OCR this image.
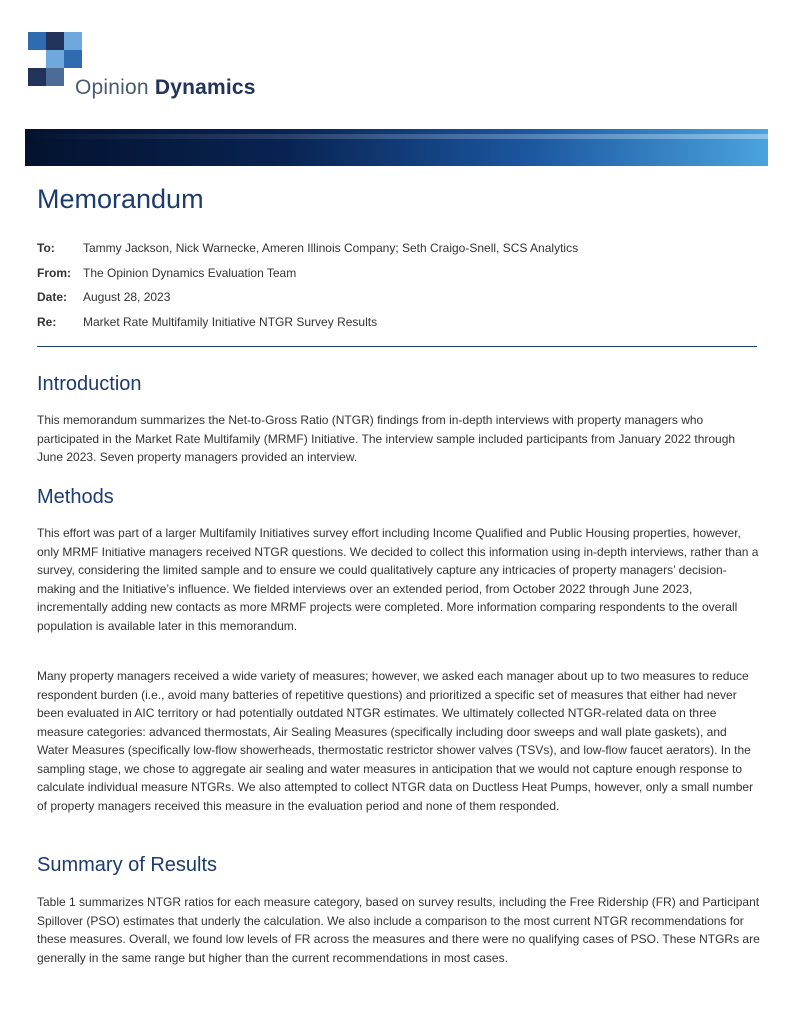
Opinion Dynamics
Memorandum
To:	Tammy Jackson, Nick Warnecke, Ameren Illinois Company; Seth Craigo-Snell, SCS Analytics
From:	The Opinion Dynamics Evaluation Team
Date:	August 28, 2023
Re:	Market Rate Multifamily Initiative NTGR Survey Results
Introduction

This memorandum summarizes the Net-to-Gross Ratio (NTGR) findings from in-depth interviews with property managers who participated in the Market Rate Multifamily (MRMF) Initiative. The interview sample included participants from January 2022 through June 2023. Seven property managers provided an interview.

Methods

This effort was part of a larger Multifamily Initiatives survey effort including Income Qualified and Public Housing properties, however, only MRMF Initiative managers received NTGR questions. We decided to collect this information using in-depth interviews, rather than a survey, considering the limited sample and to ensure we could qualitatively capture any intricacies of property managers’ decision-making and the Initiative’s influence. We fielded interviews over an extended period, from October 2022 through June 2023, incrementally adding new contacts as more MRMF projects were completed. More information comparing respondents to the overall population is available later in this memorandum.

Many property managers received a wide variety of measures; however, we asked each manager about up to two measures to reduce respondent burden (i.e., avoid many batteries of repetitive questions) and prioritized a specific set of measures that either had never been evaluated in AIC territory or had potentially outdated NTGR estimates. We ultimately collected NTGR-related data on three measure categories: advanced thermostats, Air Sealing Measures (specifically including door sweeps and wall plate gaskets), and Water Measures (specifically low-flow showerheads, thermostatic restrictor shower valves (TSVs), and low-flow faucet aerators). In the sampling stage, we chose to aggregate air sealing and water measures in anticipation that we would not capture enough response to calculate individual measure NTGRs. We also attempted to collect NTGR data on Ductless Heat Pumps, however, only a small number of property managers received this measure in the evaluation period and none of them responded.

Summary of Results

Table 1 summarizes NTGR ratios for each measure category, based on survey results, including the Free Ridership (FR) and Participant Spillover (PSO) estimates that underly the calculation. We also include a comparison to the most current NTGR recommendations for these measures. Overall, we found low levels of FR across the measures and there were no qualifying cases of PSO. These NTGRs are generally in the same range but higher than the current recommendations in most cases.
